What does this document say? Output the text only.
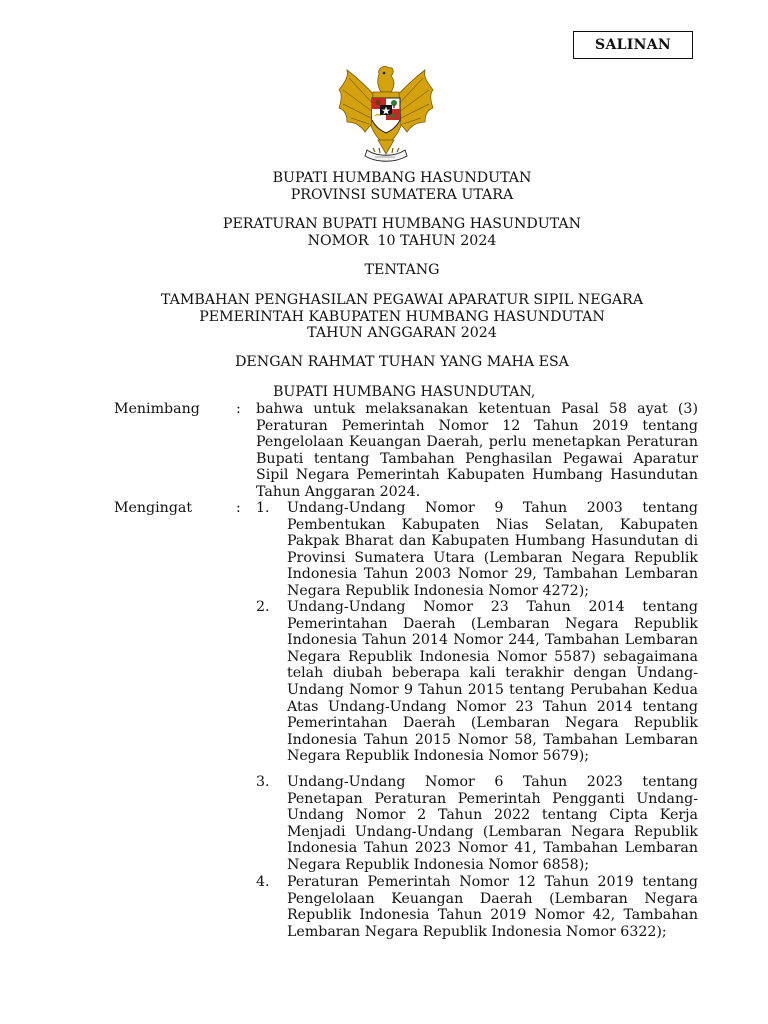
SALINAN
BUPATI HUMBANG HASUNDUTAN
PROVINSI SUMATERA UTARA
PERATURAN BUPATI HUMBANG HASUNDUTAN
NOMOR  10 TAHUN 2024
TENTANG
TAMBAHAN PENGHASILAN PEGAWAI APARATUR SIPIL NEGARA
PEMERINTAH KABUPATEN HUMBANG HASUNDUTAN
TAHUN ANGGARAN 2024
DENGAN RAHMAT TUHAN YANG MAHA ESA
BUPATI HUMBANG HASUNDUTAN,
Menimbang	: bahwa untuk melaksanakan ketentuan Pasal 58 ayat (3) Peraturan Pemerintah Nomor 12 Tahun 2019 tentang Pengelolaan Keuangan Daerah, perlu menetapkan Peraturan Bupati tentang Tambahan Penghasilan Pegawai Aparatur Sipil Negara Pemerintah Kabupaten Humbang Hasundutan Tahun Anggaran 2024.
Mengingat	: 1. Undang-Undang Nomor 9 Tahun 2003 tentang Pembentukan Kabupaten Nias Selatan, Kabupaten Pakpak Bharat dan Kabupaten Humbang Hasundutan di Provinsi Sumatera Utara (Lembaran Negara Republik Indonesia Tahun 2003 Nomor 29, Tambahan Lembaran Negara Republik Indonesia Nomor 4272);
2. Undang-Undang Nomor 23 Tahun 2014 tentang Pemerintahan Daerah (Lembaran Negara Republik Indonesia Tahun 2014 Nomor 244, Tambahan Lembaran Negara Republik Indonesia Nomor 5587) sebagaimana telah diubah beberapa kali terakhir dengan Undang-Undang Nomor 9 Tahun 2015 tentang Perubahan Kedua Atas Undang-Undang Nomor 23 Tahun 2014 tentang Pemerintahan Daerah (Lembaran Negara Republik Indonesia Tahun 2015 Nomor 58, Tambahan Lembaran Negara Republik Indonesia Nomor 5679);
3. Undang-Undang Nomor 6 Tahun 2023 tentang Penetapan Peraturan Pemerintah Pengganti Undang-Undang Nomor 2 Tahun 2022 tentang Cipta Kerja Menjadi Undang-Undang (Lembaran Negara Republik Indonesia Tahun 2023 Nomor 41, Tambahan Lembaran Negara Republik Indonesia Nomor 6858);
4. Peraturan Pemerintah Nomor 12 Tahun 2019 tentang Pengelolaan Keuangan Daerah (Lembaran Negara Republik Indonesia Tahun 2019 Nomor 42, Tambahan Lembaran Negara Republik Indonesia Nomor 6322);
